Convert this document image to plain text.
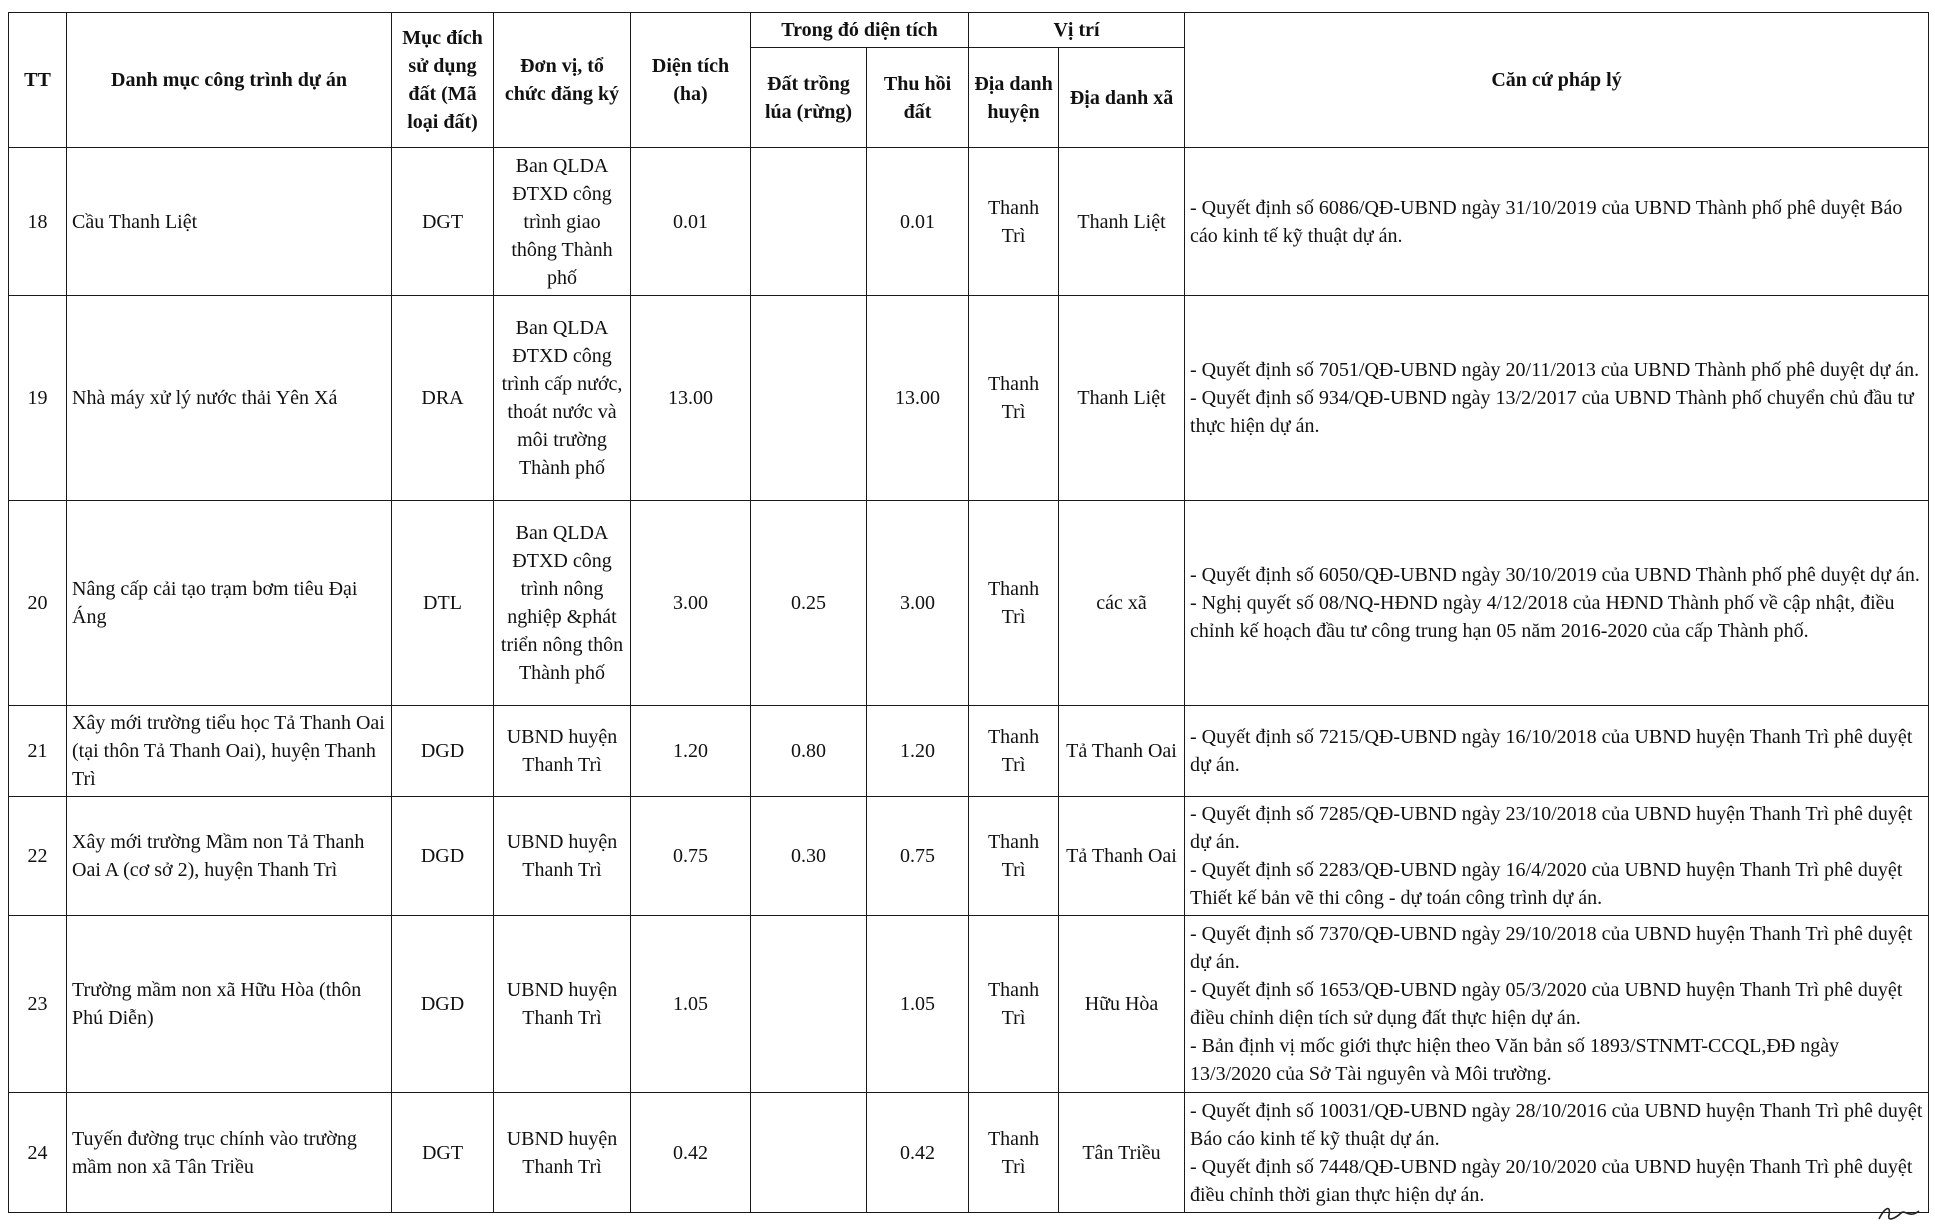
TT	Danh mục công trình dự án	Mục đích sử dụng đất (Mã loại đất)	Đơn vị, tổ chức đăng ký	Diện tích (ha)	Trong đó diện tích		Vị trí		Căn cứ pháp lý
					Đất trồng lúa (rừng)	Thu hồi đất	Địa danh huyện	Địa danh xã	

18	Cầu Thanh Liệt	DGT	Ban QLDA ĐTXD công trình giao thông Thành phố	0.01		0.01	Thanh Trì	Thanh Liệt	- Quyết định số 6086/QĐ-UBND ngày 31/10/2019 của UBND Thành phố phê duyệt Báo cáo kinh tế kỹ thuật dự án.

19	Nhà máy xử lý nước thải Yên Xá	DRA	Ban QLDA ĐTXD công trình cấp nước, thoát nước và môi trường Thành phố	13.00		13.00	Thanh Trì	Thanh Liệt	- Quyết định số 7051/QĐ-UBND ngày 20/11/2013 của UBND Thành phố phê duyệt dự án.
- Quyết định số 934/QĐ-UBND ngày 13/2/2017 của UBND Thành phố chuyển chủ đầu tư thực hiện dự án.

20	Nâng cấp cải tạo trạm bơm tiêu Đại Áng	DTL	Ban QLDA ĐTXD công trình nông nghiệp &phát triển nông thôn Thành phố	3.00	0.25	3.00	Thanh Trì	các xã	- Quyết định số 6050/QĐ-UBND ngày 30/10/2019 của UBND Thành phố phê duyệt dự án.
- Nghị quyết số 08/NQ-HĐND ngày 4/12/2018 của HĐND Thành phố về cập nhật, điều chỉnh kế hoạch đầu tư công trung hạn 05 năm 2016-2020 của cấp Thành phố.

21	Xây mới trường tiểu học Tả Thanh Oai (tại thôn Tả Thanh Oai), huyện Thanh Trì	DGD	UBND huyện Thanh Trì	1.20	0.80	1.20	Thanh Trì	Tả Thanh Oai	- Quyết định số 7215/QĐ-UBND ngày 16/10/2018 của UBND huyện Thanh Trì phê duyệt dự án.

22	Xây mới trường Mầm non Tả Thanh Oai A (cơ sở 2), huyện Thanh Trì	DGD	UBND huyện Thanh Trì	0.75	0.30	0.75	Thanh Trì	Tả Thanh Oai	- Quyết định số 7285/QĐ-UBND ngày 23/10/2018 của UBND huyện Thanh Trì phê duyệt dự án.
- Quyết định số 2283/QĐ-UBND ngày 16/4/2020 của UBND huyện Thanh Trì phê duyệt Thiết kế bản vẽ thi công - dự toán công trình dự án.

23	Trường mầm non xã Hữu Hòa (thôn Phú Diễn)	DGD	UBND huyện Thanh Trì	1.05		1.05	Thanh Trì	Hữu Hòa	- Quyết định số 7370/QĐ-UBND ngày 29/10/2018 của UBND huyện Thanh Trì phê duyệt dự án.
- Quyết định số 1653/QĐ-UBND ngày 05/3/2020 của UBND huyện Thanh Trì phê duyệt điều chỉnh diện tích sử dụng đất thực hiện dự án.
- Bản định vị mốc giới thực hiện theo Văn bản số 1893/STNMT-CCQL,ĐĐ ngày 13/3/2020 của Sở Tài nguyên và Môi trường.

24	Tuyến đường trục chính vào trường mầm non xã Tân Triều	DGT	UBND huyện Thanh Trì	0.42		0.42	Thanh Trì	Tân Triều	- Quyết định số 10031/QĐ-UBND ngày 28/10/2016 của UBND huyện Thanh Trì phê duyệt Báo cáo kinh tế kỹ thuật dự án.
- Quyết định số 7448/QĐ-UBND ngày 20/10/2020 của UBND huyện Thanh Trì phê duyệt điều chỉnh thời gian thực hiện dự án.
